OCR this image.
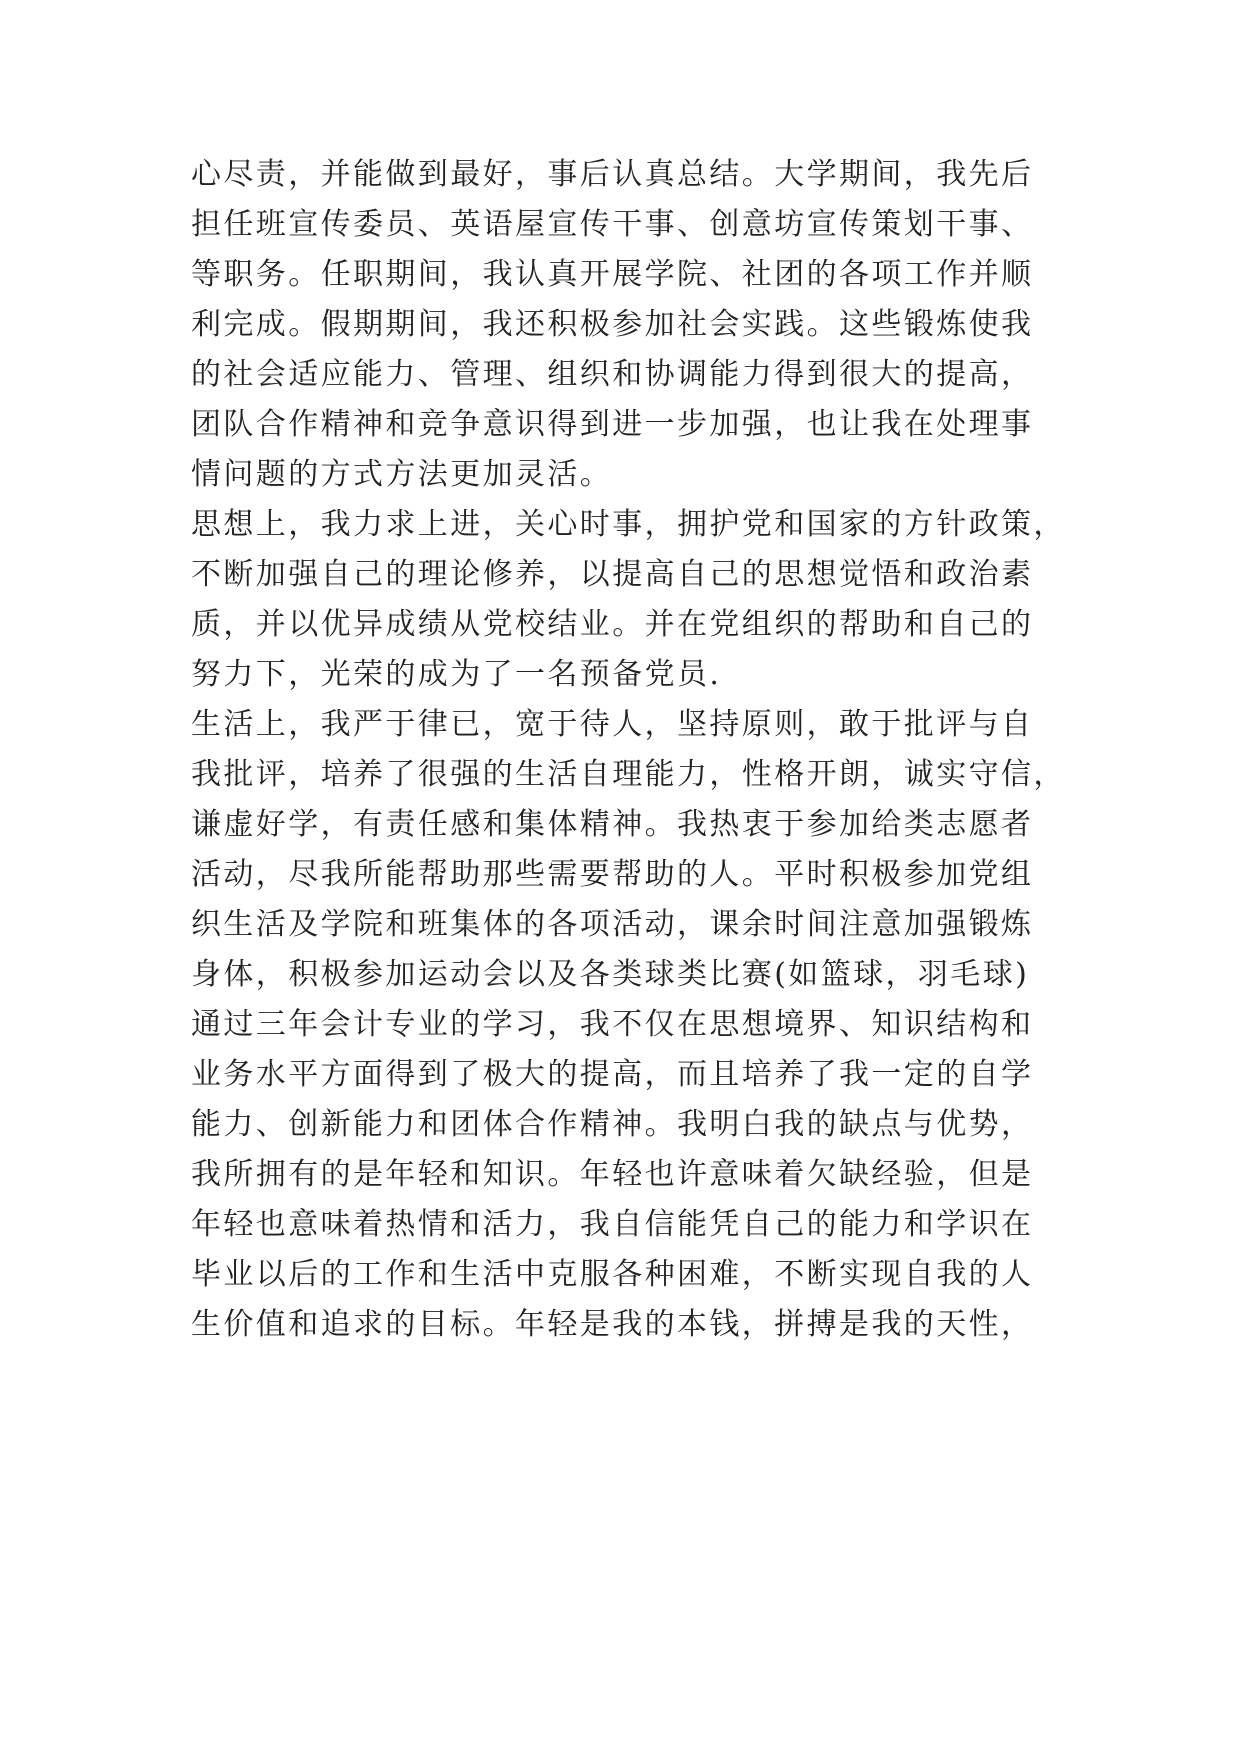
心尽责，并能做到最好，事后认真总结。大学期间，我先后
担任班宣传委员、英语屋宣传干事、创意坊宣传策划干事、
等职务。任职期间，我认真开展学院、社团的各项工作并顺
利完成。假期期间，我还积极参加社会实践。这些锻炼使我
的社会适应能力、管理、组织和协调能力得到很大的提高，
团队合作精神和竞争意识得到进一步加强，也让我在处理事
情问题的方式方法更加灵活。
思想上，我力求上进，关心时事，拥护党和国家的方针政策，
不断加强自己的理论修养，以提高自己的思想觉悟和政治素
质，并以优异成绩从党校结业。并在党组织的帮助和自己的
努力下，光荣的成为了一名预备党员.
生活上，我严于律已，宽于待人，坚持原则，敢于批评与自
我批评，培养了很强的生活自理能力，性格开朗，诚实守信，
谦虚好学，有责任感和集体精神。我热衷于参加给类志愿者
活动，尽我所能帮助那些需要帮助的人。平时积极参加党组
织生活及学院和班集体的各项活动，课余时间注意加强锻炼
身体，积极参加运动会以及各类球类比赛(如篮球，羽毛球)
通过三年会计专业的学习，我不仅在思想境界、知识结构和
业务水平方面得到了极大的提高，而且培养了我一定的自学
能力、创新能力和团体合作精神。我明白我的缺点与优势，
我所拥有的是年轻和知识。年轻也许意味着欠缺经验，但是
年轻也意味着热情和活力，我自信能凭自己的能力和学识在
毕业以后的工作和生活中克服各种困难，不断实现自我的人
生价值和追求的目标。年轻是我的本钱，拼搏是我的天性，
